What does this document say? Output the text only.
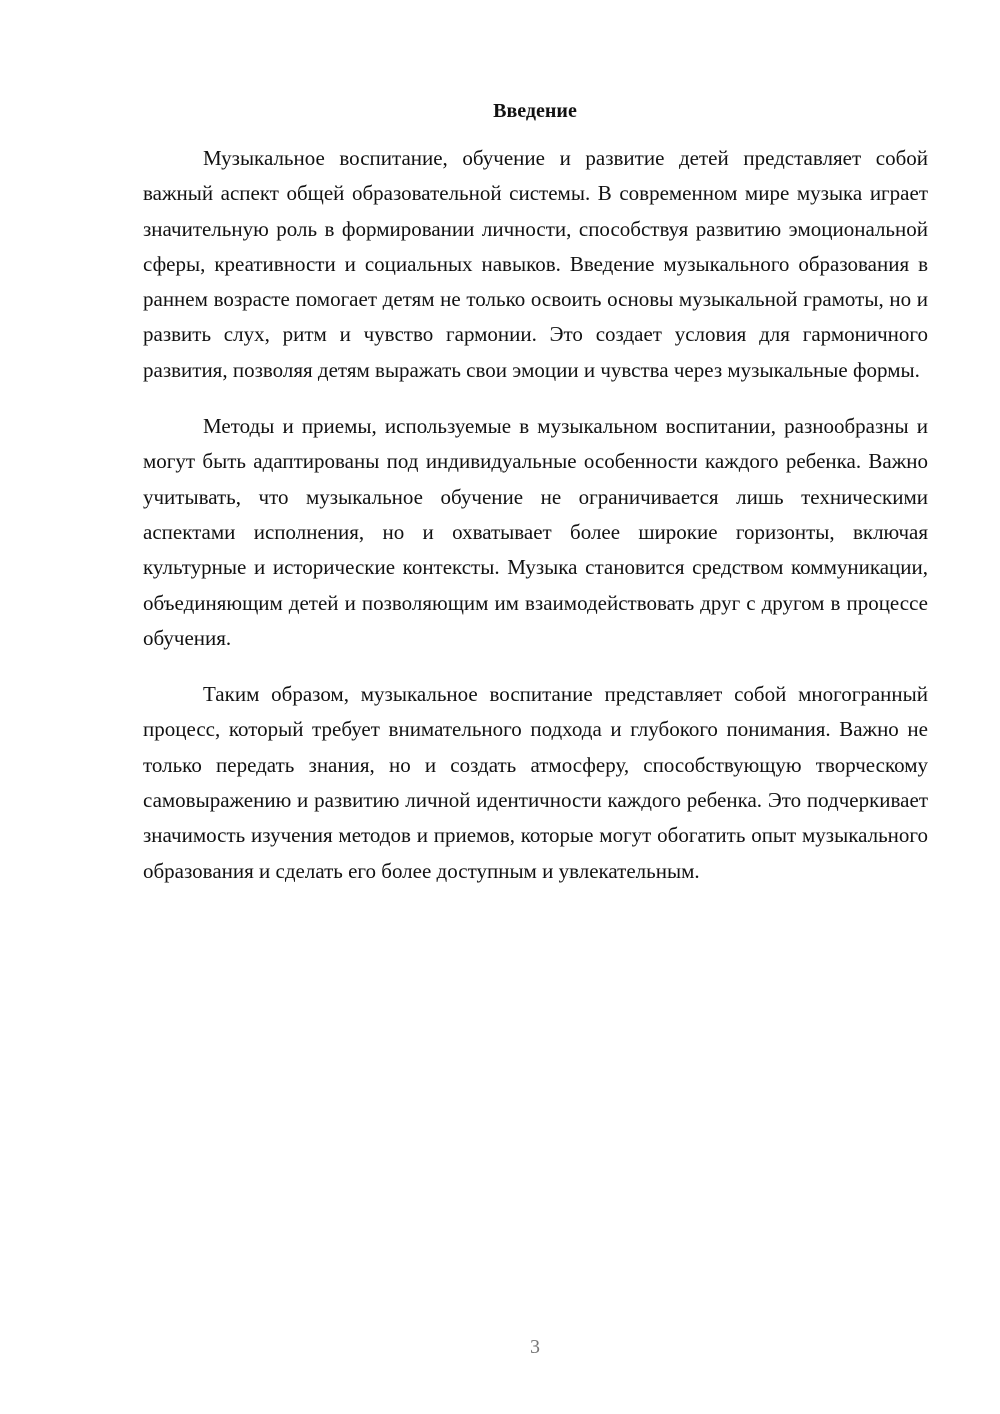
Введение

Музыкальное воспитание, обучение и развитие детей представляет собой важный аспект общей образовательной системы. В современном мире музыка играет значительную роль в формировании личности, способствуя развитию эмоциональной сферы, креативности и социальных навыков. Введение музыкального образования в раннем возрасте помогает детям не только освоить основы музыкальной грамоты, но и развить слух, ритм и чувство гармонии. Это создает условия для гармоничного развития, позволяя детям выражать свои эмоции и чувства через музыкальные формы.

Методы и приемы, используемые в музыкальном воспитании, разнообразны и могут быть адаптированы под индивидуальные особенности каждого ребенка. Важно учитывать, что музыкальное обучение не ограничивается лишь техническими аспектами исполнения, но и охватывает более широкие горизонты, включая культурные и исторические контексты. Музыка становится средством коммуникации, объединяющим детей и позволяющим им взаимодействовать друг с другом в процессе обучения.

Таким образом, музыкальное воспитание представляет собой многогранный процесс, который требует внимательного подхода и глубокого понимания. Важно не только передать знания, но и создать атмосферу, способствующую творческому самовыражению и развитию личной идентичности каждого ребенка. Это подчеркивает значимость изучения методов и приемов, которые могут обогатить опыт музыкального образования и сделать его более доступным и увлекательным.

3
